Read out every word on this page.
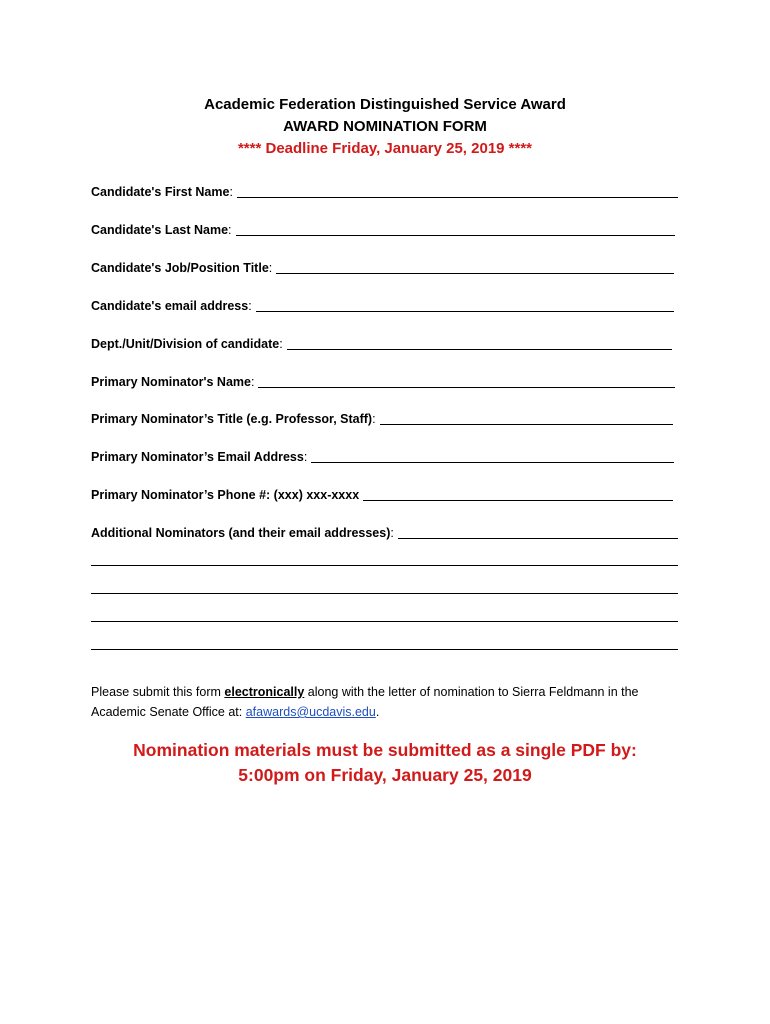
Academic Federation Distinguished Service Award
AWARD NOMINATION FORM
**** Deadline Friday, January 25, 2019 ****
Candidate's First Name:
Candidate's Last Name:
Candidate's Job/Position Title:
Candidate's email address:
Dept./Unit/Division of candidate:
Primary Nominator's Name:
Primary Nominator’s Title (e.g. Professor, Staff):
Primary Nominator’s Email Address:
Primary Nominator’s Phone #: (xxx) xxx-xxxx
Additional Nominators (and their email addresses):
Please submit this form electronically along with the letter of nomination to Sierra Feldmann in the Academic Senate Office at: afawards@ucdavis.edu.
Nomination materials must be submitted as a single PDF by:
5:00pm on Friday, January 25, 2019
